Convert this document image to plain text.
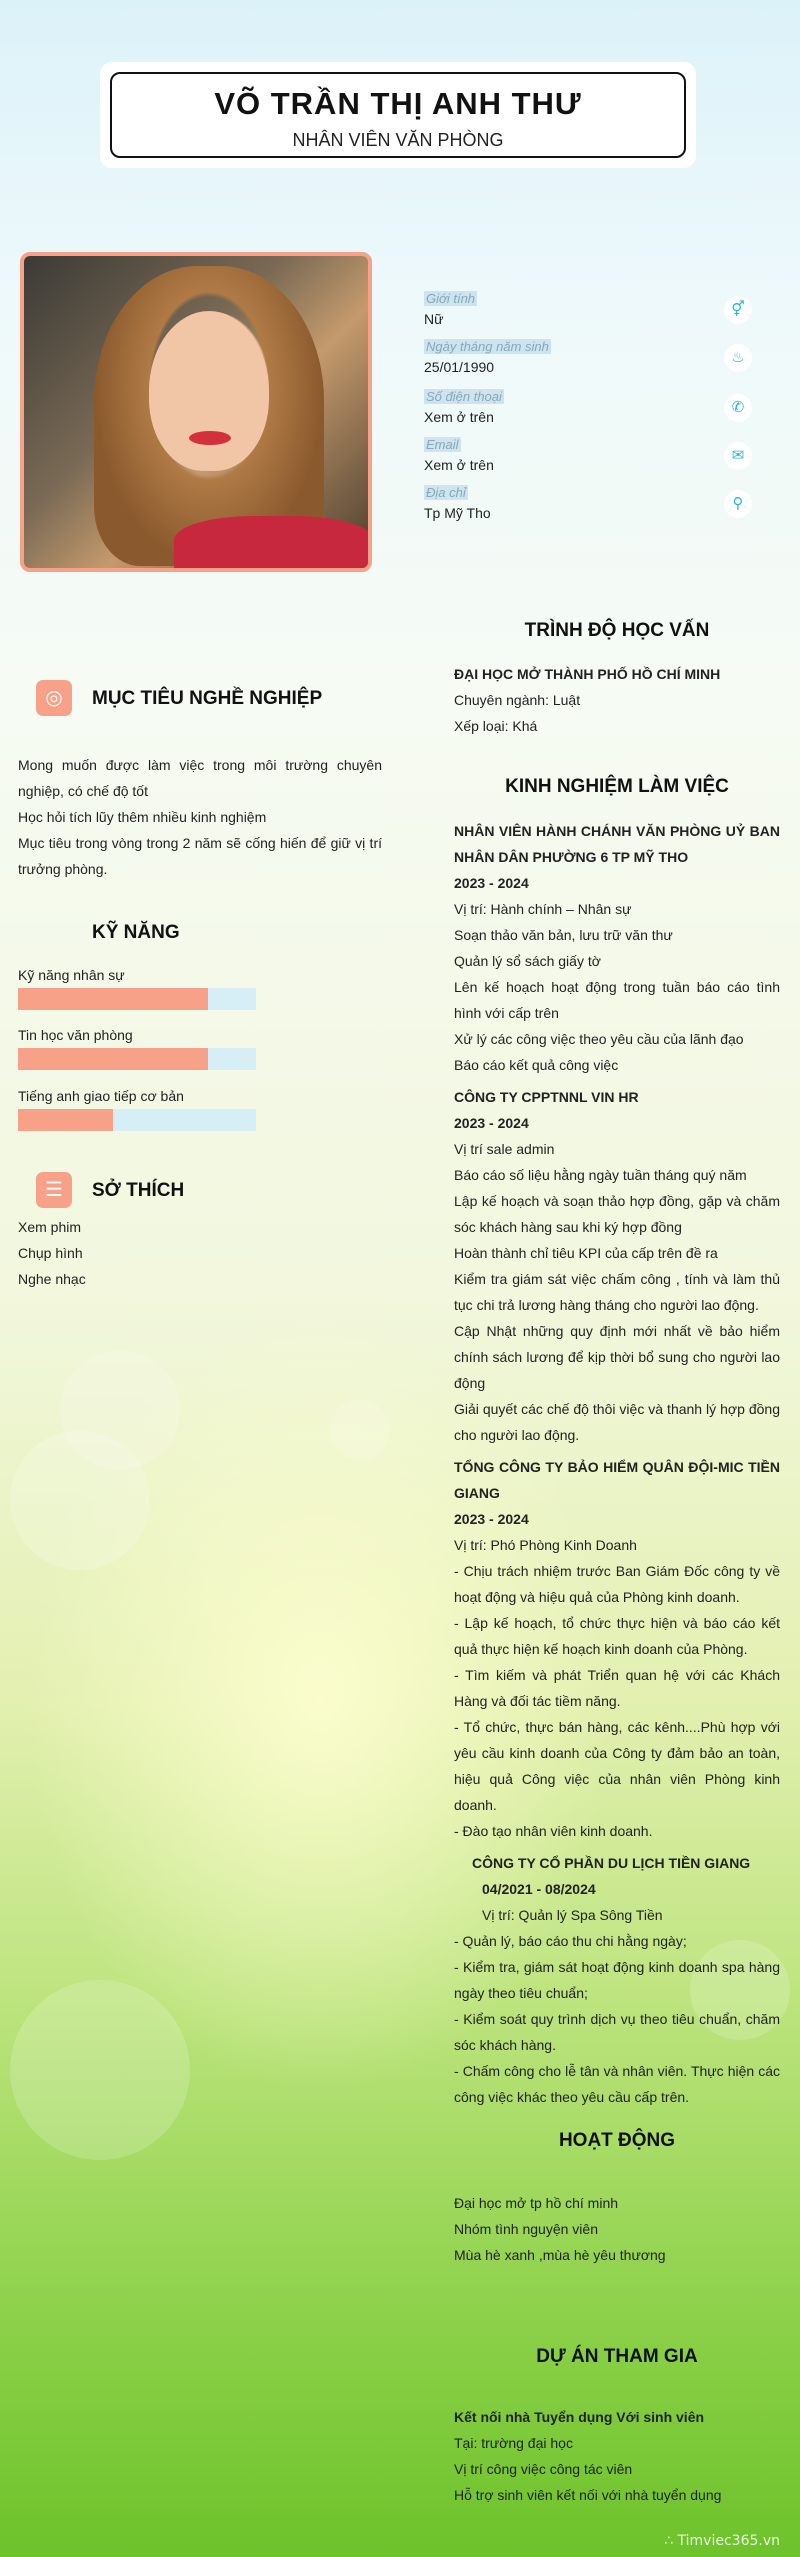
VÕ TRẦN THỊ ANH THƯ
NHÂN VIÊN VĂN PHÒNG
Giới tính
Nữ
⚥
Ngày tháng năm sinh
25/01/1990
♨
Số điện thoại
Xem ở trên
✆
Email
Xem ở trên
✉
Địa chỉ
Tp Mỹ Tho
⚲
◎	MỤC TIÊU NGHỀ NGHIỆP
Mong muốn được làm việc trong môi trường chuyên nghiệp, có chế độ tốt
Học hỏi tích lũy thêm nhiều kinh nghiệm
Mục tiêu trong vòng trong 2 năm sẽ cống hiến để giữ vị trí trưởng phòng.
KỸ NĂNG
Kỹ năng nhân sự
Tin học văn phòng
Tiếng anh giao tiếp cơ bản
☰	SỞ THÍCH
Xem phim
Chụp hình
Nghe nhạc
TRÌNH ĐỘ HỌC VẤN
ĐẠI HỌC MỞ THÀNH PHỐ HỒ CHÍ MINH
Chuyên ngành: Luật
Xếp loại: Khá
KINH NGHIỆM LÀM VIỆC
NHÂN VIÊN HÀNH CHÁNH VĂN PHÒNG UỶ BAN NHÂN DÂN PHƯỜNG 6 TP MỸ THO
2023 - 2024
Vị trí: Hành chính – Nhân sự
Soạn thảo văn bản, lưu trữ văn thư
Quản lý sổ sách giấy tờ
Lên kế hoạch hoạt động trong tuần báo cáo tình hình với cấp trên
Xử lý các công việc theo yêu cầu của lãnh đạo
Báo cáo kết quả công việc
CÔNG TY CPPTNNL VIN HR
2023 - 2024
Vị trí sale admin
Báo cáo số liệu hằng ngày tuần tháng quý năm
Lập kế hoạch và soạn thảo hợp đồng, gặp và chăm sóc khách hàng sau khi ký hợp đồng
Hoàn thành chỉ tiêu KPI của cấp trên đề ra
Kiểm tra giám sát việc chấm công , tính và làm thủ tục chi trả lương hàng tháng cho người lao động.
Cập Nhật những quy định mới nhất về bảo hiểm chính sách lương để kịp thời bổ sung cho người lao động
Giải quyết các chế độ thôi việc và thanh lý hợp đồng cho người lao động.
TỔNG CÔNG TY BẢO HIỂM QUÂN ĐỘI-MIC TIỀN GIANG
2023 - 2024
Vị trí: Phó Phòng Kinh Doanh
- Chịu trách nhiệm trước Ban Giám Đốc công ty về hoạt động và hiệu quả của Phòng kinh doanh.
- Lập kế hoạch, tổ chức thực hiện và báo cáo kết quả thực hiện kế hoạch kinh doanh của Phòng.
- Tìm kiếm và phát Triển quan hệ với các Khách Hàng và đối tác tiềm năng.
- Tổ chức, thực bán hàng, các kênh....Phù hợp với yêu cầu kinh doanh của Công ty đảm bảo an toàn, hiệu quả Công việc của nhân viên Phòng kinh doanh.
- Đào tạo nhân viên kinh doanh.
CÔNG TY CỔ PHẦN DU LỊCH TIỀN GIANG
04/2021 - 08/2024
Vị trí: Quản lý Spa Sông Tiền
- Quản lý, báo cáo thu chi hằng ngày;
- Kiểm tra, giám sát hoạt động kinh doanh spa hàng ngày theo tiêu chuẩn;
- Kiểm soát quy trình dịch vụ theo tiêu chuẩn, chăm sóc khách hàng.
- Chấm công cho lễ tân và nhân viên. Thực hiện các công việc khác theo yêu cầu cấp trên.
HOẠT ĐỘNG
Đại học mở tp hồ chí minh
Nhóm tình nguyện viên
Mùa hè xanh ,mùa hè yêu thương
DỰ ÁN THAM GIA
Kết nối nhà Tuyển dụng Với sinh viên
Tại: trường đại học
Vị trí công việc công tác viên
Hỗ trợ sinh viên kết nối với nhà tuyển dụng
∴ Timviec365.vn
